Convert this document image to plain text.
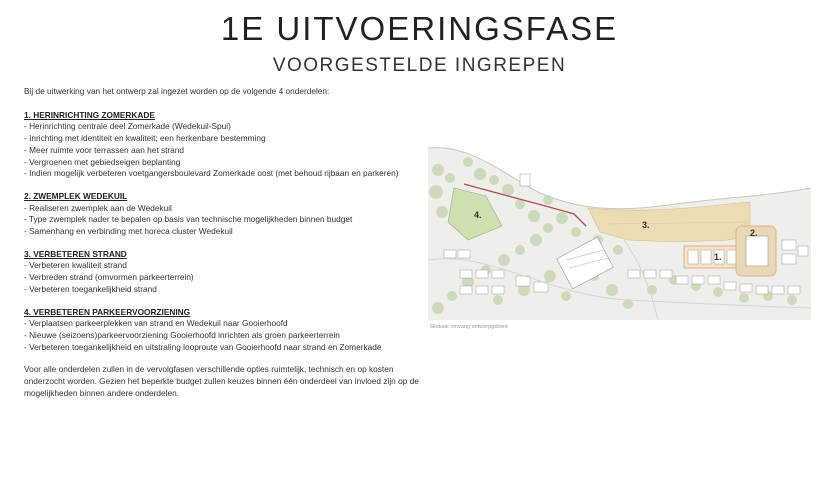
1E UITVOERINGSFASE
VOORGESTELDE INGREPEN

Bij de uitwerking van het ontwerp zal ingezet worden op de volgende 4 onderdelen:

1. HERINRICHTING ZOMERKADE
- Herinrichting centrale deel Zomerkade (Wedekuil-Spui)
- Inrichting met identiteit en kwaliteit; een herkenbare bestemming
- Meer ruimte voor terrassen aan het strand
- Vergroenen met gebiedseigen beplanting
- Indien mogelijk verbeteren voetgangersboulevard Zomerkade oost (met behoud rijbaan en parkeren)
2. ZWEMPLEK WEDEKUIL
- Realiseren zwemplek aan de Wedekuil
- Type zwemplek nader te bepalen op basis van technische mogelijkheden binnen budget
- Samenhang en verbinding met horeca cluster Wedekuil
3. VERBETEREN STRAND
- Verbeteren kwaliteit strand
- Verbreden strand (omvormen parkeerterrein)
- Verbeteren toegankelijkheid strand
4. VERBETEREN PARKEERVOORZIENING
- Verplaatsen parkeerplekken van strand en Wedekuil naar Gooierhoofd
- Nieuwe (seizoens)parkeervoorziening Gooierhoofd inrichten als groen parkeerterrein
- Verbeteren toegankelijkheid en uitstraling looproute van Gooierhoofd naar strand en Zomerkade

Voor alle onderdelen zullen in de vervolgfasen verschillende opties ruimtelijk, technisch en op kosten onderzocht worden. Gezien het beperkte budget zullen keuzes binnen één onderdeel van invloed zijn op de mogelijkheden binnen andere onderdelen.

1.
2.
3.
4.
Globale omvang ontwerpgebied
